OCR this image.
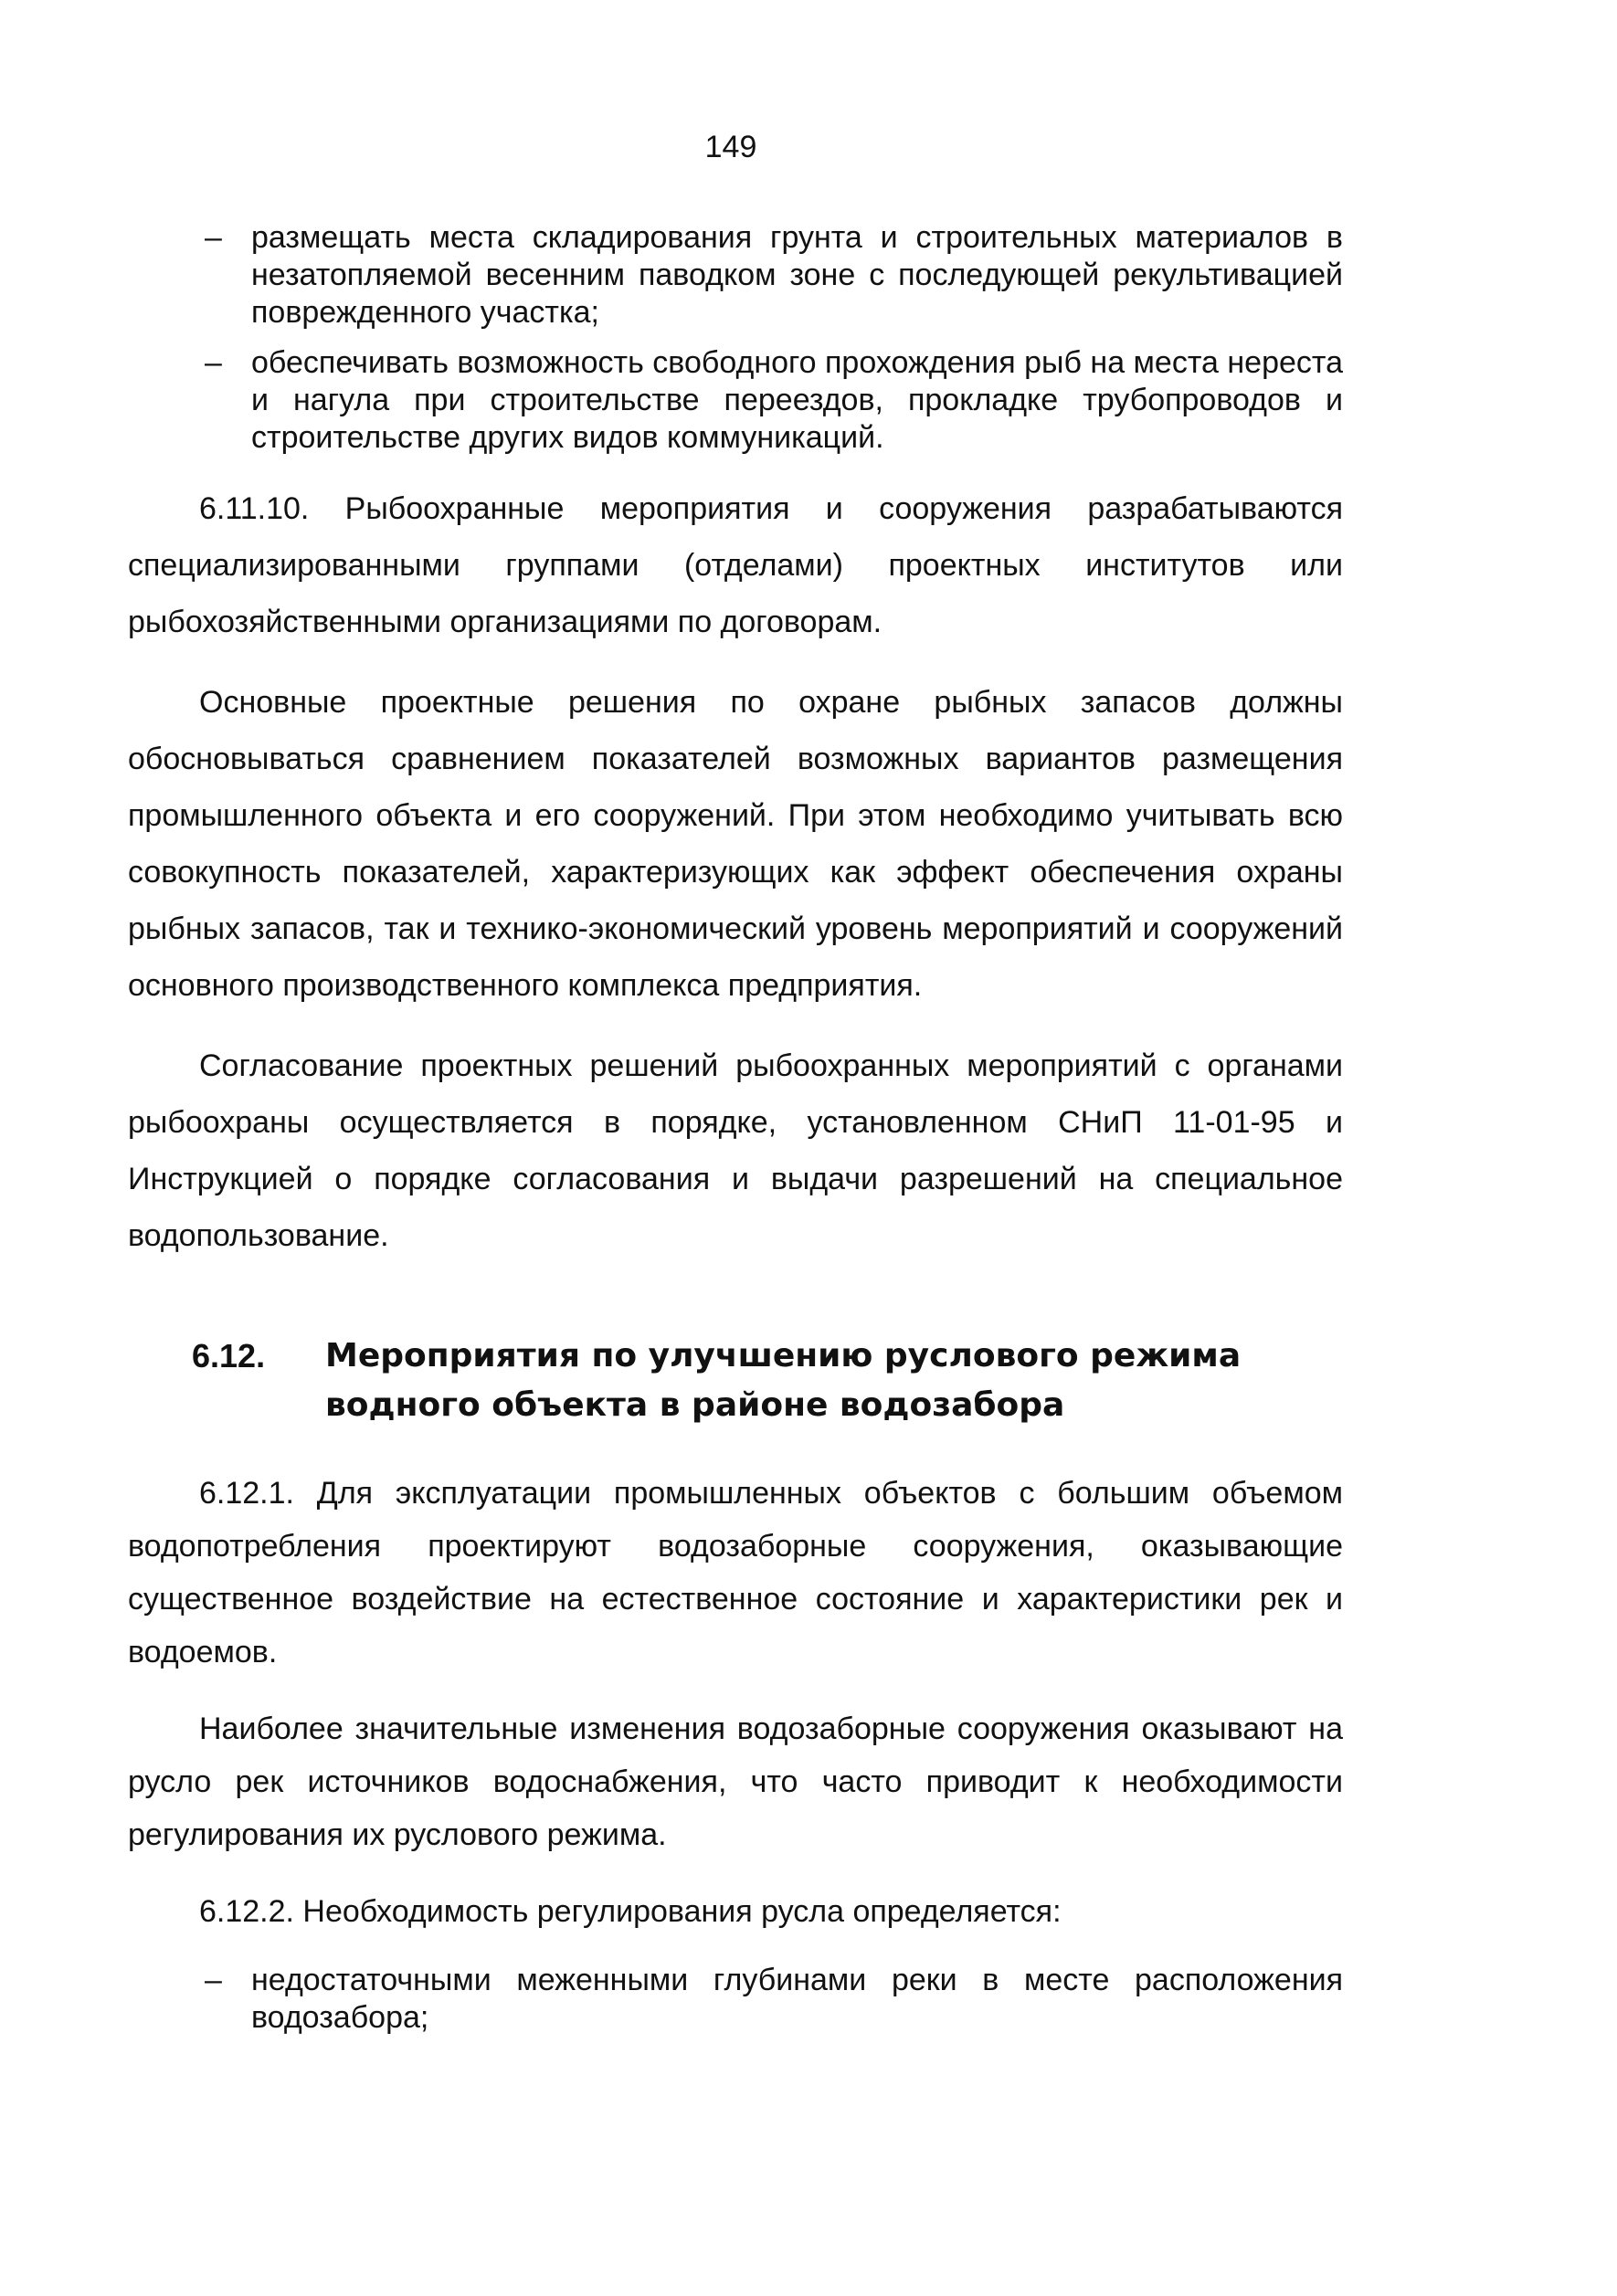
149
– размещать места складирования грунта и строительных материалов в незатопляемой весенним паводком зоне с последующей рекультивацией поврежденного участка;
– обеспечивать возможность свободного прохождения рыб на места нереста и нагула при строительстве переездов, прокладке трубопроводов и строительстве других видов коммуникаций.

6.11.10. Рыбоохранные мероприятия и сооружения разрабатываются специализированными группами (отделами) проектных институтов или рыбохозяйственными организациями по договорам.

Основные проектные решения по охране рыбных запасов должны обосновываться сравнением показателей возможных вариантов размещения промышленного объекта и его сооружений. При этом необходимо учитывать всю совокупность показателей, характеризующих как эффект обеспечения охраны рыбных запасов, так и технико-экономический уровень мероприятий и сооружений основного производственного комплекса предприятия.

Согласование проектных решений рыбоохранных мероприятий с органами рыбоохраны осуществляется в порядке, установленном СНиП 11-01-95 и Инструкцией о порядке согласования и выдачи разрешений на специальное водопользование.

6.12.	Мероприятия по улучшению руслового режима водного объекта в районе водозабора

6.12.1. Для эксплуатации промышленных объектов с большим объемом водопотребления проектируют водозаборные сооружения, оказывающие существенное воздействие на естественное состояние и характеристики рек и водоемов.

Наиболее значительные изменения водозаборные сооружения оказывают на русло рек источников водоснабжения, что часто приводит к необходимости регулирования их руслового режима.

6.12.2. Необходимость регулирования русла определяется:

– недостаточными меженными глубинами реки в месте расположения водозабора;
